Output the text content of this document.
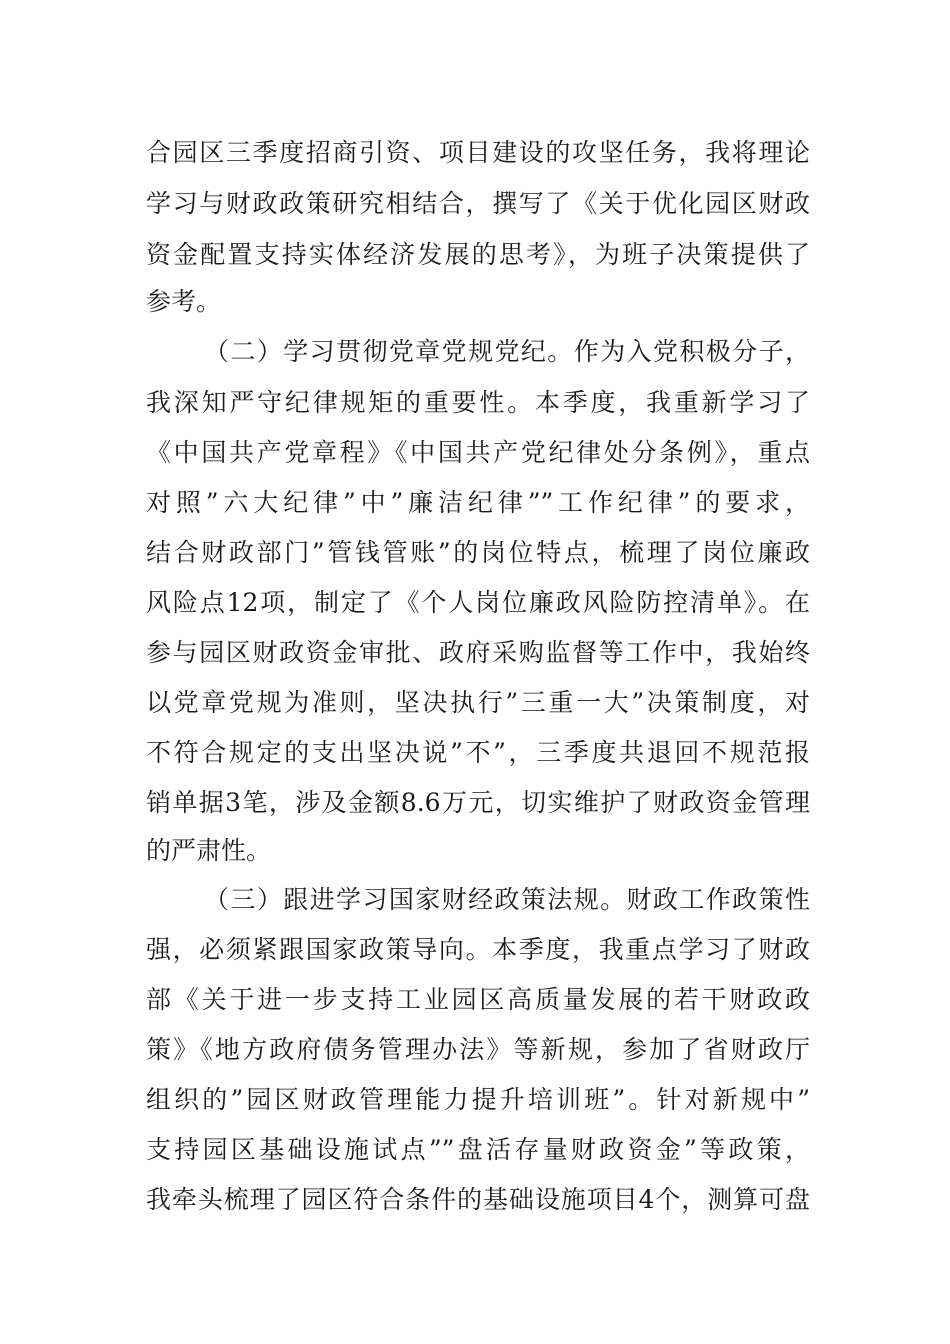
合园区三季度招商引资、项目建设的攻坚任务，我将理论
学习与财政政策研究相结合，撰写了《关于优化园区财政
资金配置支持实体经济发展的思考》，为班子决策提供了
参考。
（二）学习贯彻党章党规党纪。作为入党积极分子，
我深知严守纪律规矩的重要性。本季度，我重新学习了
《中国共产党章程》《中国共产党纪律处分条例》，重点
对照”六大纪律”中”廉洁纪律””工作纪律”的要求，
结合财政部门”管钱管账”的岗位特点，梳理了岗位廉政
风险点12项，制定了《个人岗位廉政风险防控清单》。在
参与园区财政资金审批、政府采购监督等工作中，我始终
以党章党规为准则，坚决执行”三重一大”决策制度，对
不符合规定的支出坚决说”不”，三季度共退回不规范报
销单据3笔，涉及金额8.6万元，切实维护了财政资金管理
的严肃性。
（三）跟进学习国家财经政策法规。财政工作政策性
强，必须紧跟国家政策导向。本季度，我重点学习了财政
部《关于进一步支持工业园区高质量发展的若干财政政
策》《地方政府债务管理办法》等新规，参加了省财政厅
组织的”园区财政管理能力提升培训班”。针对新规中”
支持园区基础设施试点””盘活存量财政资金”等政策，
我牵头梳理了园区符合条件的基础设施项目4个，测算可盘
